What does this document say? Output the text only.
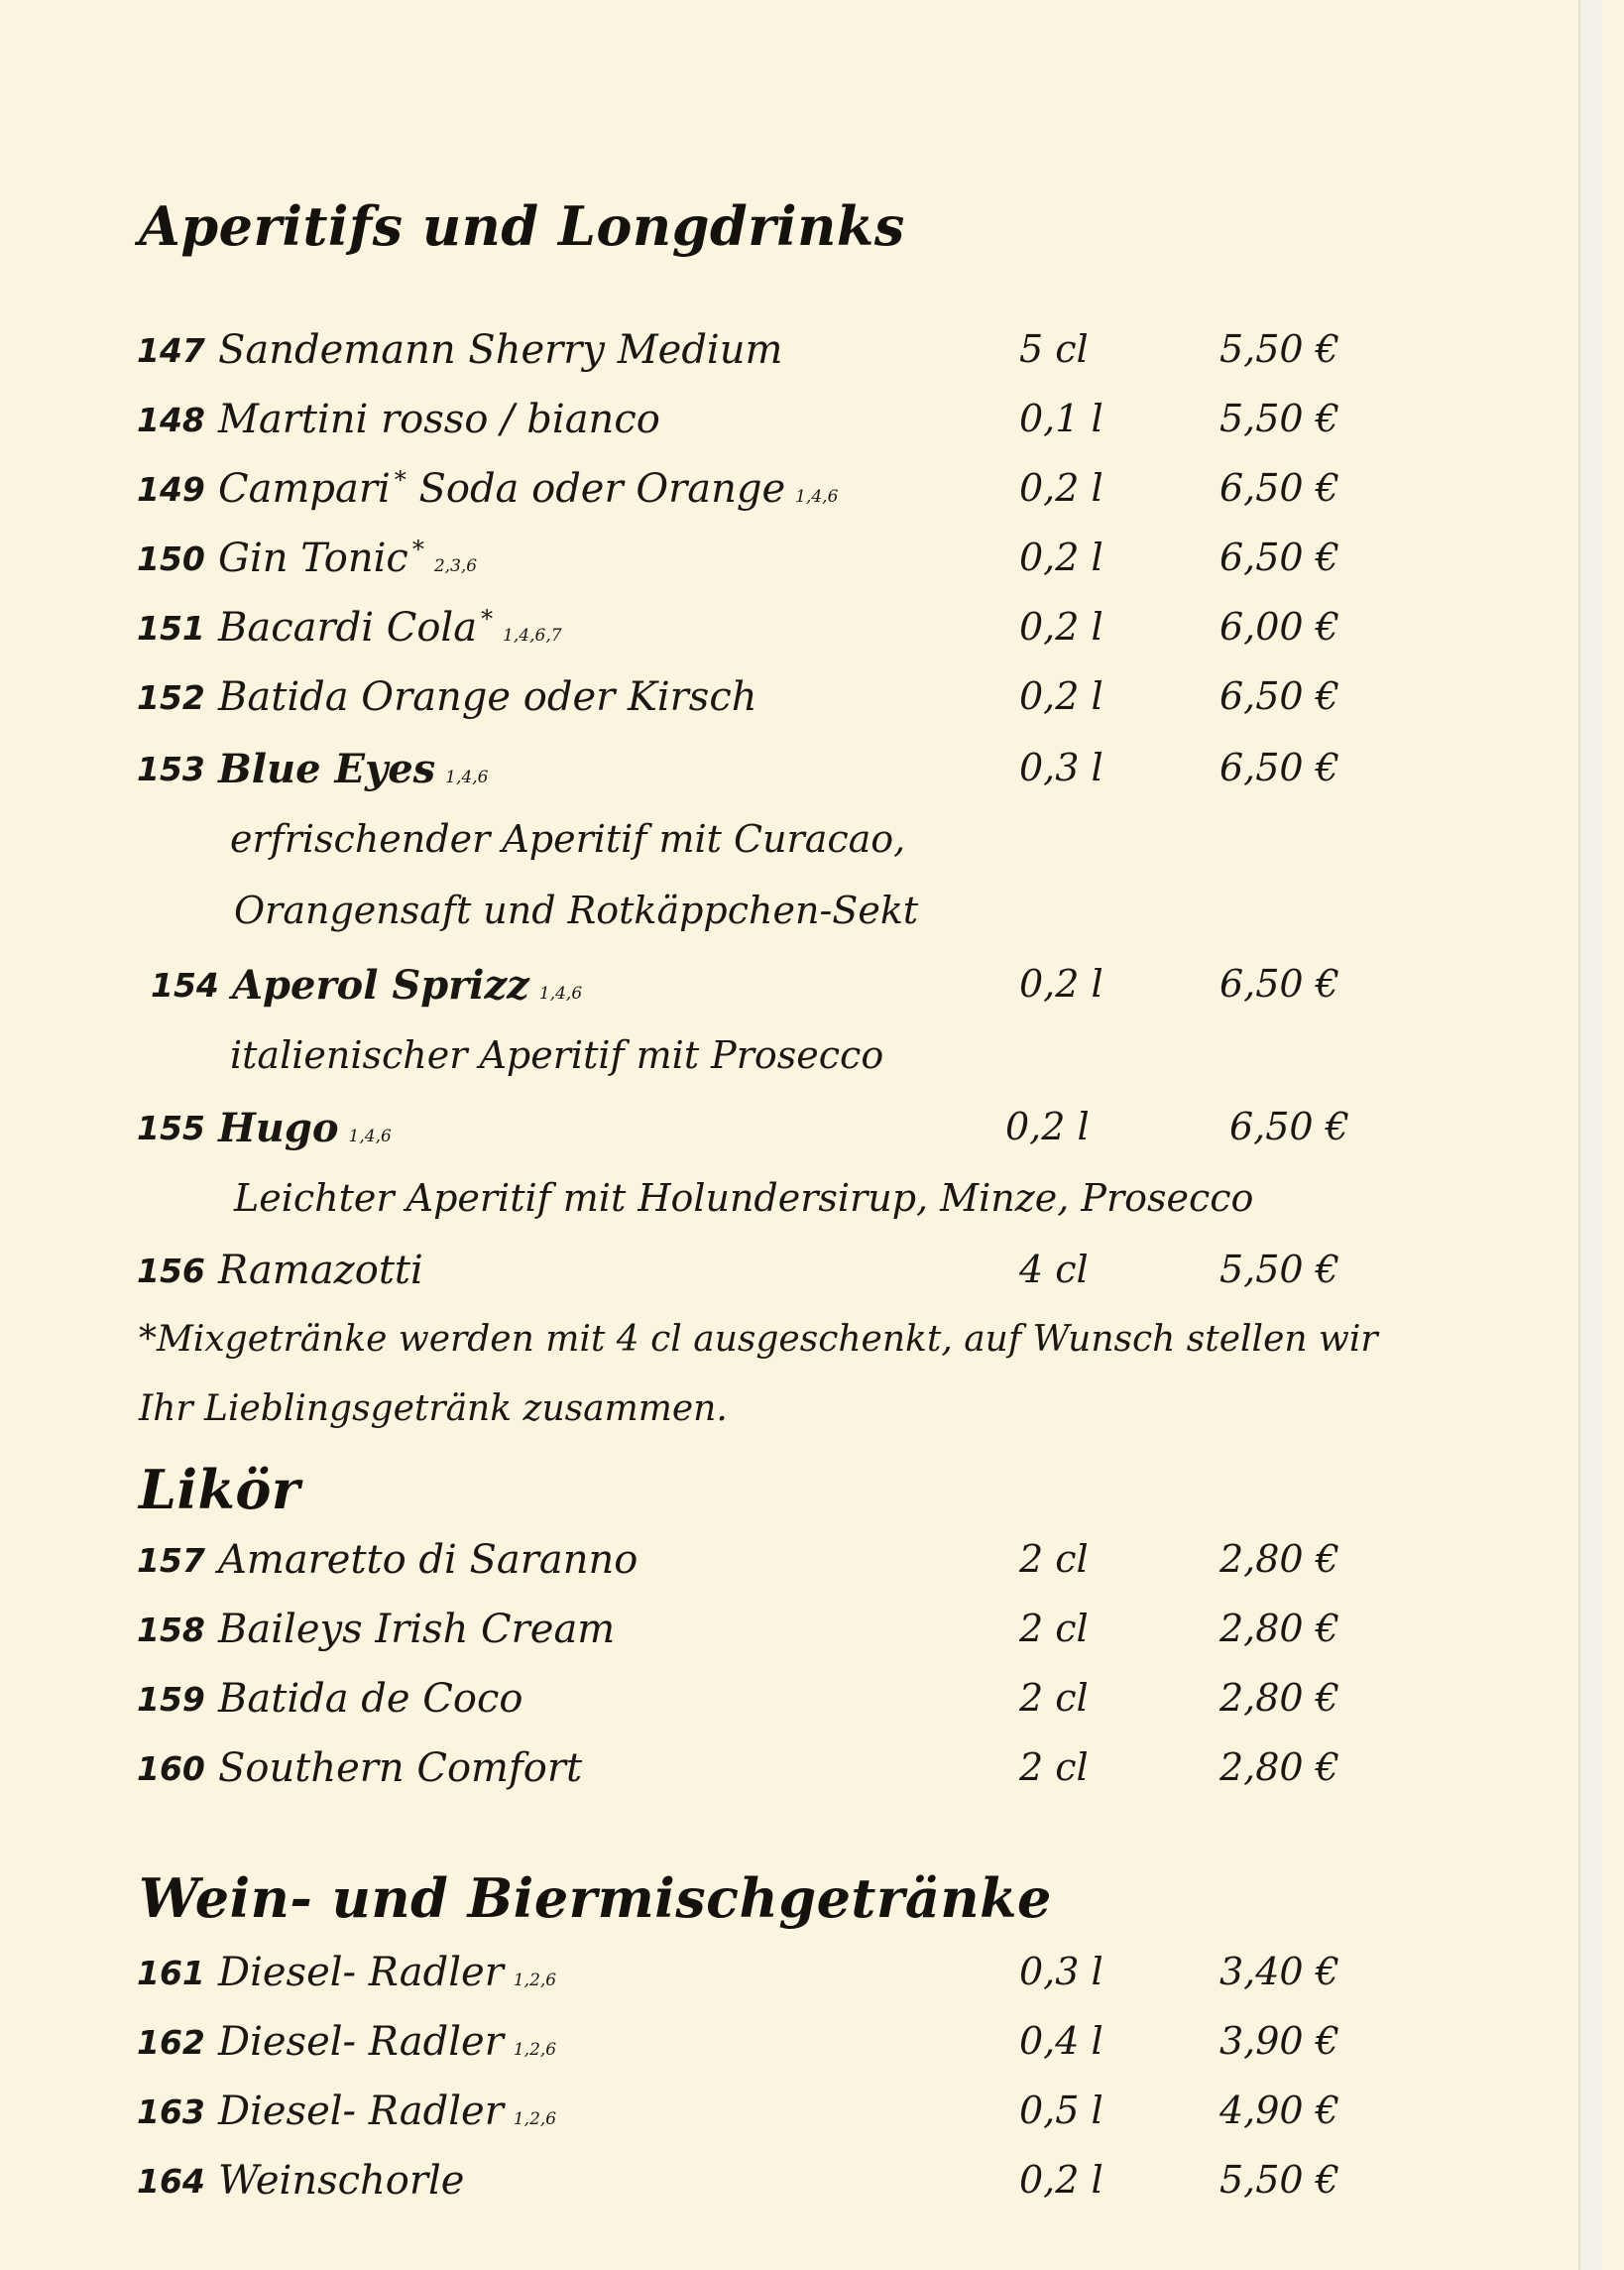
Aperitifs und Longdrinks
147 Sandemann Sherry Medium	5 cl	5,50 €
148 Martini rosso / bianco	0,1 l	5,50 €
149 Campari * Soda oder Orange 1,4,6	0,2 l	6,50 €
150 Gin Tonic *2,3,6	0,2 l	6,50 €
151 Bacardi Cola *1,4,6,7	0,2 l	6,00 €
152 Batida Orange oder Kirsch	0,2 l	6,50 €
153 Blue Eyes 1,4,6	0,3 l	6,50 €
erfrischender Aperitif mit Curacao,
Orangensaft und Rotkäppchen-Sekt
154 Aperol Sprizz 1,4,6	0,2 l	6,50 €
italienischer Aperitif mit Prosecco
155 Hugo 1,4,6	0,2 l	6,50 €
Leichter Aperitif mit Holundersirup, Minze, Prosecco
156 Ramazotti	4 cl	5,50 €
*Mixgetränke werden mit 4 cl ausgeschenkt, auf Wunsch stellen wir
Ihr Lieblingsgetränk zusammen.
Likör
157 Amaretto di Saranno	2 cl	2,80 €
158 Baileys Irish Cream	2 cl	2,80 €
159 Batida de Coco	2 cl	2,80 €
160 Southern Comfort	2 cl	2,80 €
Wein- und Biermischgetränke
161 Diesel- Radler 1,2,6	0,3 l	3,40 €
162 Diesel- Radler 1,2,6	0,4 l	3,90 €
163 Diesel- Radler 1,2,6	0,5 l	4,90 €
164 Weinschorle	0,2 l	5,50 €
